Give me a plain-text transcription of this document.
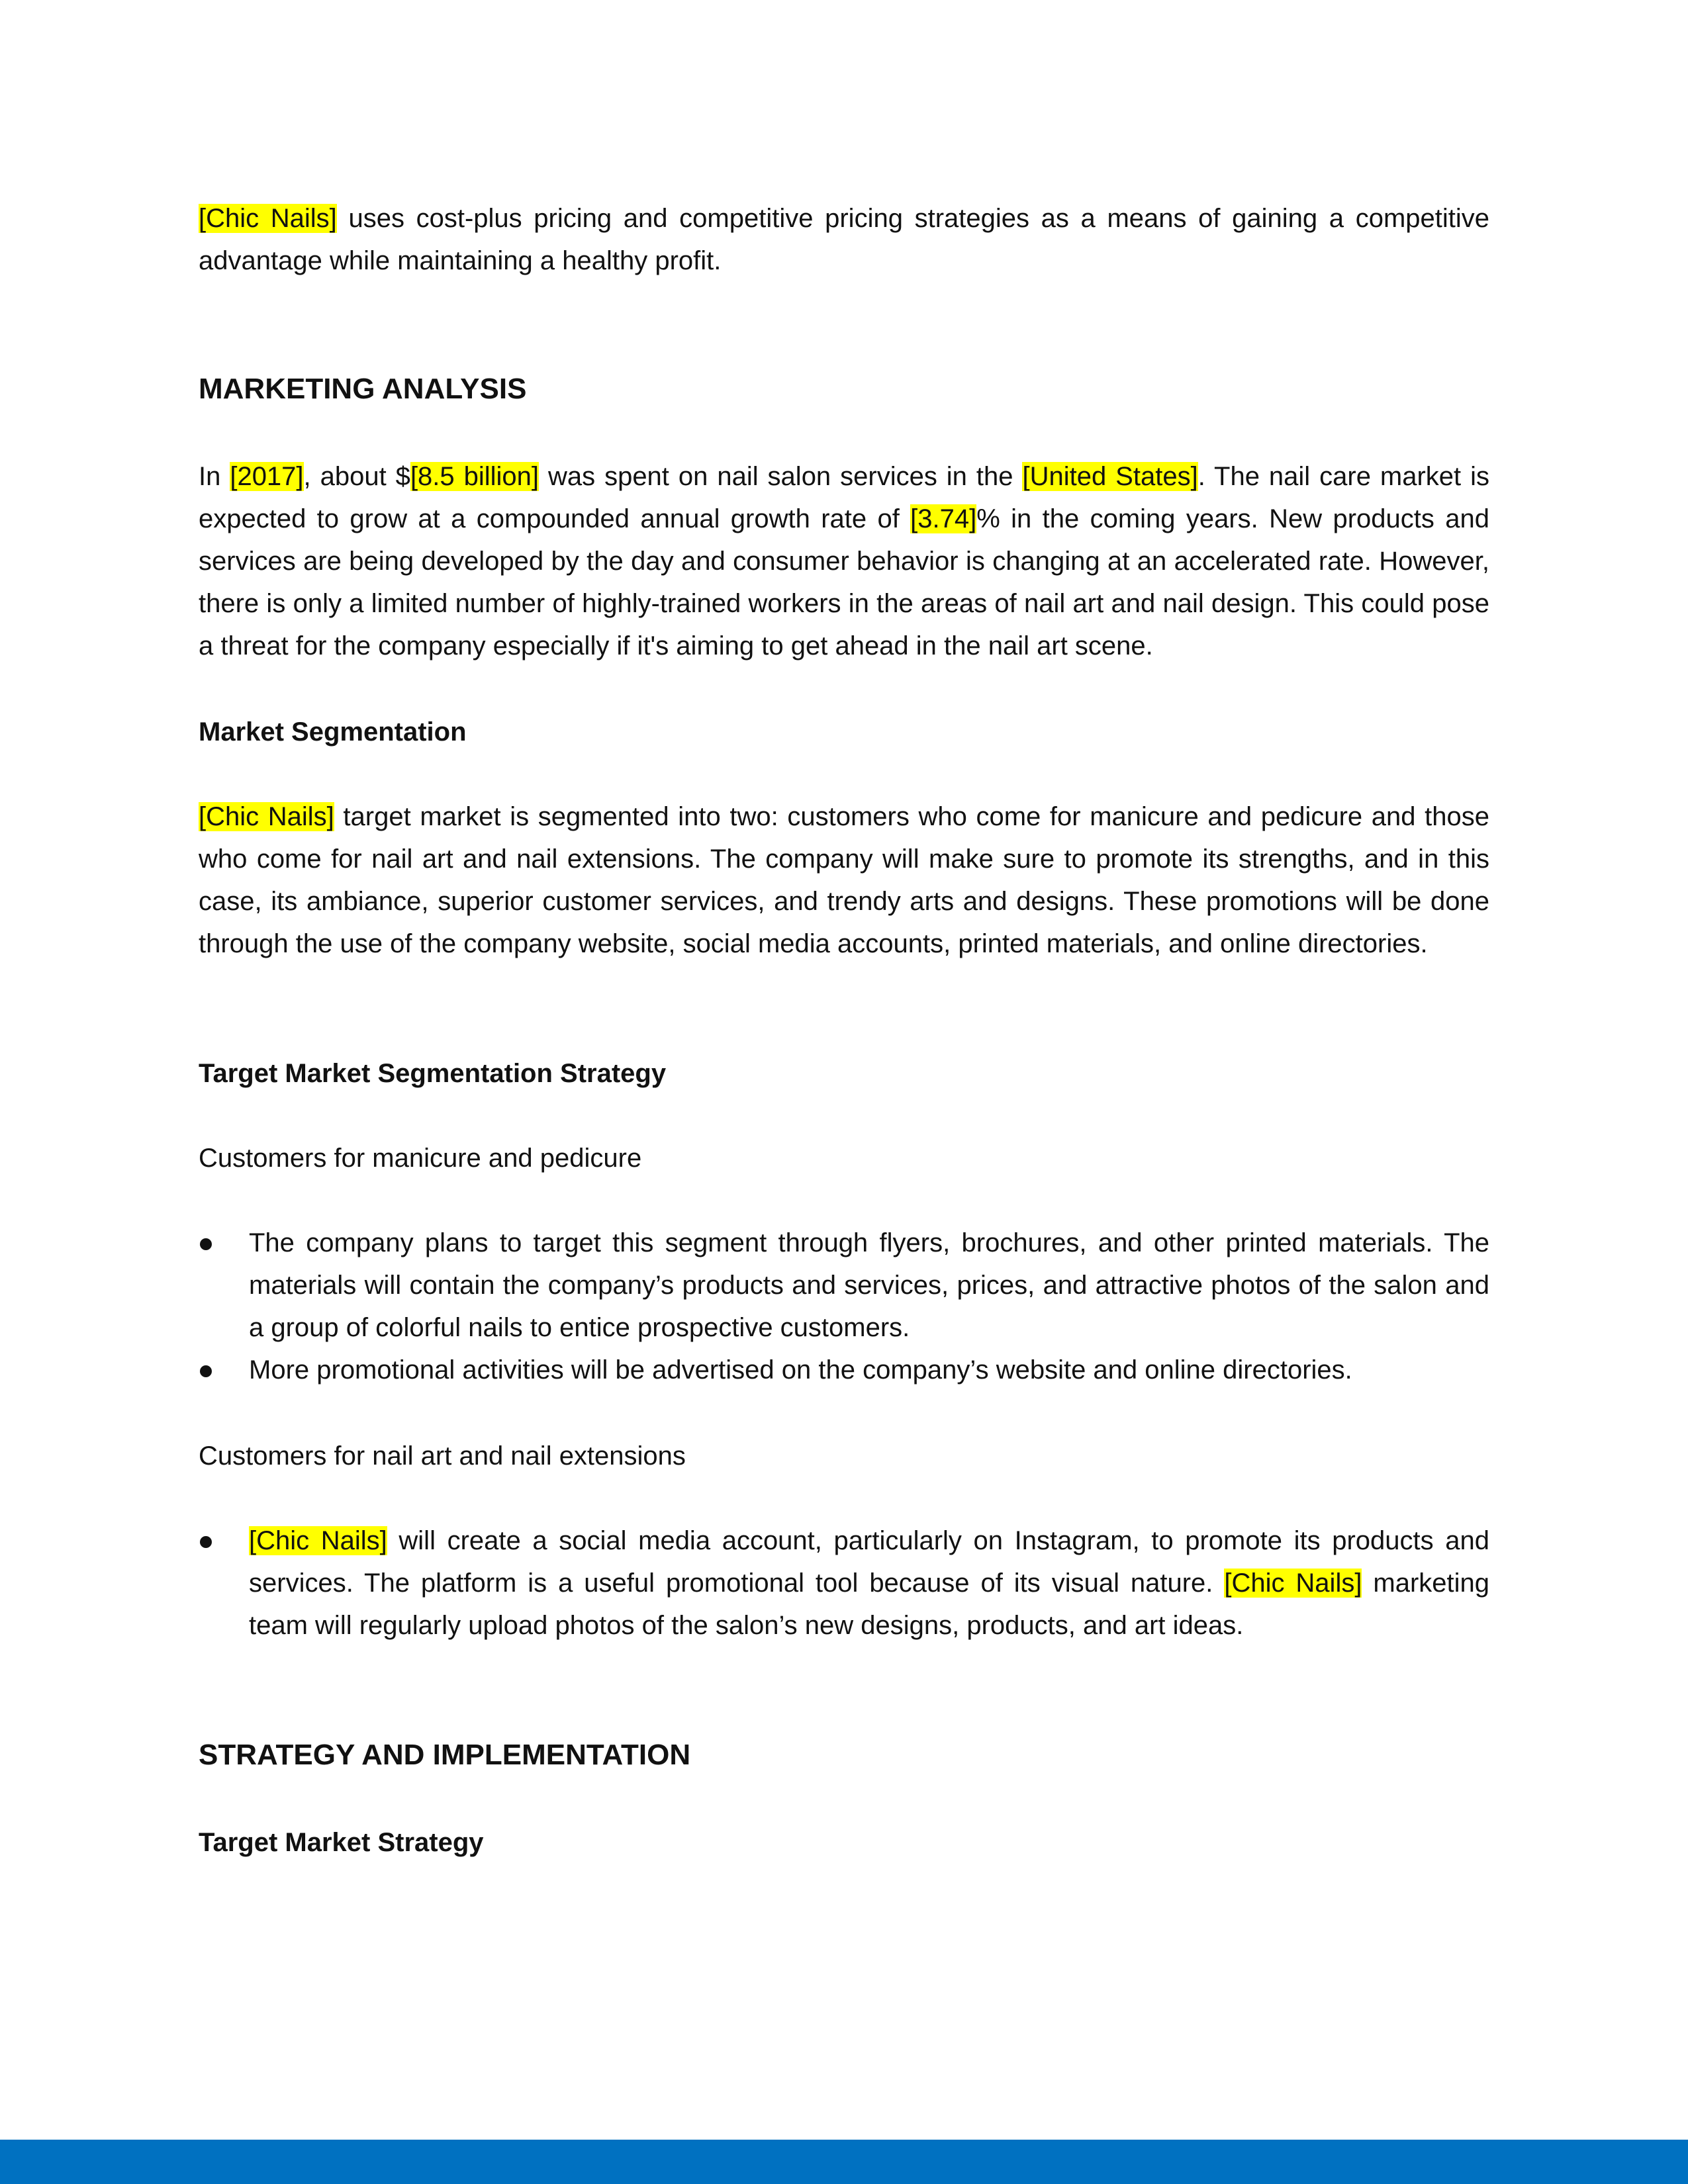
[Chic Nails] uses cost-plus pricing and competitive pricing strategies as a means of gaining a competitive advantage while maintaining a healthy profit.

MARKETING ANALYSIS

In [2017], about $[8.5 billion] was spent on nail salon services in the [United States]. The nail care market is expected to grow at a compounded annual growth rate of [3.74]% in the coming years. New products and services are being developed by the day and consumer behavior is changing at an accelerated rate. However, there is only a limited number of highly-trained workers in the areas of nail art and nail design. This could pose a threat for the company especially if it's aiming to get ahead in the nail art scene.

Market Segmentation

[Chic Nails] target market is segmented into two: customers who come for manicure and pedicure and those who come for nail art and nail extensions. The company will make sure to promote its strengths, and in this case, its ambiance, superior customer services, and trendy arts and designs. These promotions will be done through the use of the company website, social media accounts, printed materials, and online directories.

Target Market Segmentation Strategy

Customers for manicure and pedicure

The company plans to target this segment through flyers, brochures, and other printed materials. The materials will contain the company’s products and services, prices, and attractive photos of the salon and a group of colorful nails to entice prospective customers.
More promotional activities will be advertised on the company’s website and online directories.

Customers for nail art and nail extensions

[Chic Nails] will create a social media account, particularly on Instagram, to promote its products and services. The platform is a useful promotional tool because of its visual nature. [Chic Nails] marketing team will regularly upload photos of the salon’s new designs, products, and art ideas.
STRATEGY AND IMPLEMENTATION
Target Market Strategy
